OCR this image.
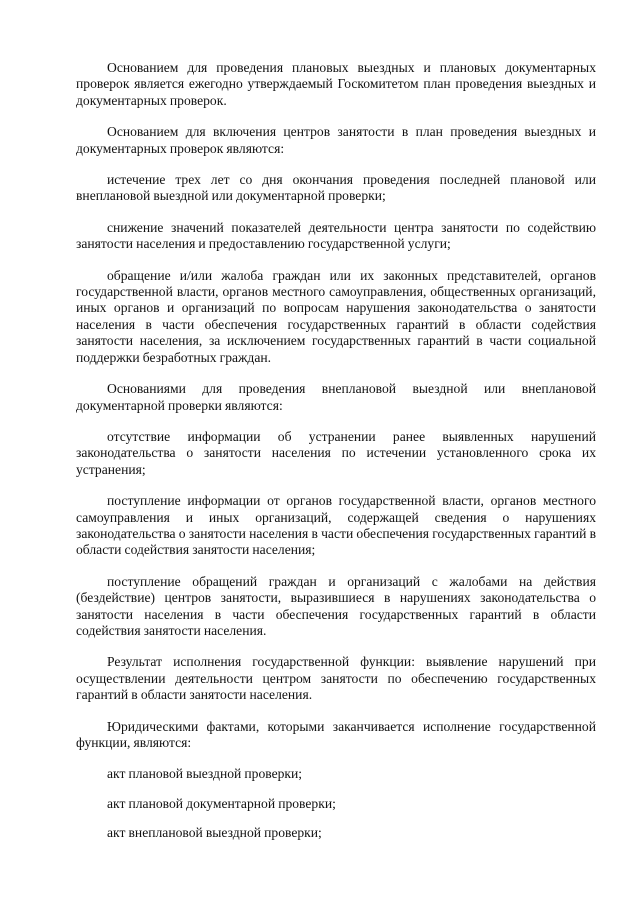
Основанием для проведения плановых выездных и плановых документарных проверок является ежегодно утверждаемый Госкомитетом план проведения выездных и документарных проверок.

Основанием для включения центров занятости в план проведения выездных и документарных проверок являются:

истечение трех лет со дня окончания проведения последней плановой или внеплановой выездной или документарной проверки;

снижение значений показателей деятельности центра занятости по содействию занятости населения и предоставлению государственной услуги;

обращение и/или жалоба граждан или их законных представителей, органов государственной власти, органов местного самоуправления, общественных организаций, иных органов и организаций по вопросам нарушения законодательства о занятости населения в части обеспечения государственных гарантий в области содействия занятости населения, за исключением государственных гарантий в части социальной поддержки безработных граждан.

Основаниями для проведения внеплановой выездной или внеплановой документарной проверки являются:

отсутствие информации об устранении ранее выявленных нарушений законодательства о занятости населения по истечении установленного срока их устранения;

поступление информации от органов государственной власти, органов местного самоуправления и иных организаций, содержащей сведения о нарушениях законодательства о занятости населения в части обеспечения государственных гарантий в области содействия занятости населения;

поступление обращений граждан и организаций с жалобами на действия (бездействие) центров занятости, выразившиеся в нарушениях законодательства о занятости населения в части обеспечения государственных гарантий в области содействия занятости населения.

Результат исполнения государственной функции: выявление нарушений при осуществлении деятельности центром занятости по обеспечению государственных гарантий в области занятости населения.

Юридическими фактами, которыми заканчивается исполнение государственной функции, являются:

акт плановой выездной проверки;

акт плановой документарной проверки;

акт внеплановой выездной проверки;
